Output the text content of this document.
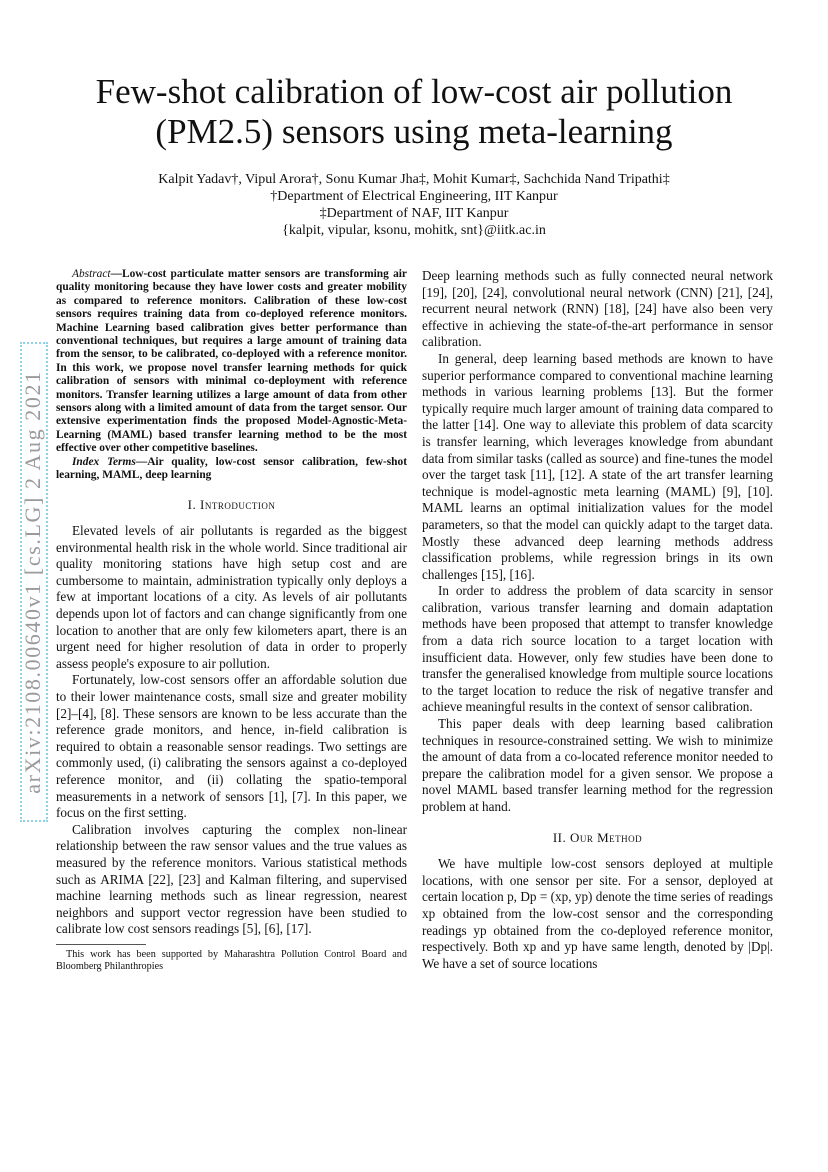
arXiv:2108.00640v1 [cs.LG] 2 Aug 2021
Few-shot calibration of low-cost air pollution
(PM2.5) sensors using meta-learning
Kalpit Yadav†, Vipul Arora†, Sonu Kumar Jha‡, Mohit Kumar‡, Sachchida Nand Tripathi‡
†Department of Electrical Engineering, IIT Kanpur
‡Department of NAF, IIT Kanpur
{kalpit, vipular, ksonu, mohitk, snt}@iitk.ac.in

Abstract—Low-cost particulate matter sensors are transforming air quality monitoring because they have lower costs and greater mobility as compared to reference monitors. Calibration of these low-cost sensors requires training data from co-deployed reference monitors. Machine Learning based calibration gives better performance than conventional techniques, but requires a large amount of training data from the sensor, to be calibrated, co-deployed with a reference monitor. In this work, we propose novel transfer learning methods for quick calibration of sensors with minimal co-deployment with reference monitors. Transfer learning utilizes a large amount of data from other sensors along with a limited amount of data from the target sensor. Our extensive experimentation finds the proposed Model-Agnostic-Meta-Learning (MAML) based transfer learning method to be the most effective over other competitive baselines.

Index Terms—Air quality, low-cost sensor calibration, few-shot learning, MAML, deep learning

I. Introduction

Elevated levels of air pollutants is regarded as the biggest environmental health risk in the whole world. Since traditional air quality monitoring stations have high setup cost and are cumbersome to maintain, administration typically only deploys a few at important locations of a city. As levels of air pollutants depends upon lot of factors and can change significantly from one location to another that are only few kilometers apart, there is an urgent need for higher resolution of data in order to properly assess people's exposure to air pollution.

Fortunately, low-cost sensors offer an affordable solution due to their lower maintenance costs, small size and greater mobility [2]–[4], [8]. These sensors are known to be less accurate than the reference grade monitors, and hence, in-field calibration is required to obtain a reasonable sensor readings. Two settings are commonly used, (i) calibrating the sensors against a co-deployed reference monitor, and (ii) collating the spatio-temporal measurements in a network of sensors [1], [7]. In this paper, we focus on the first setting.

Calibration involves capturing the complex non-linear relationship between the raw sensor values and the true values as measured by the reference monitors. Various statistical methods such as ARIMA [22], [23] and Kalman filtering, and supervised machine learning methods such as linear regression, nearest neighbors and support vector regression have been studied to calibrate low cost sensors readings [5], [6], [17].

This work has been supported by Maharashtra Pollution Control Board and Bloomberg Philanthropies

Deep learning methods such as fully connected neural network [19], [20], [24], convolutional neural network (CNN) [21], [24], recurrent neural network (RNN) [18], [24] have also been very effective in achieving the state-of-the-art performance in sensor calibration.

In general, deep learning based methods are known to have superior performance compared to conventional machine learning methods in various learning problems [13]. But the former typically require much larger amount of training data compared to the latter [14]. One way to alleviate this problem of data scarcity is transfer learning, which leverages knowledge from abundant data from similar tasks (called as source) and fine-tunes the model over the target task [11], [12]. A state of the art transfer learning technique is model-agnostic meta learning (MAML) [9], [10]. MAML learns an optimal initialization values for the model parameters, so that the model can quickly adapt to the target data. Mostly these advanced deep learning methods address classification problems, while regression brings in its own challenges [15], [16].

In order to address the problem of data scarcity in sensor calibration, various transfer learning and domain adaptation methods have been proposed that attempt to transfer knowledge from a data rich source location to a target location with insufficient data. However, only few studies have been done to transfer the generalised knowledge from multiple source locations to the target location to reduce the risk of negative transfer and achieve meaningful results in the context of sensor calibration.

This paper deals with deep learning based calibration techniques in resource-constrained setting. We wish to minimize the amount of data from a co-located reference monitor needed to prepare the calibration model for a given sensor. We propose a novel MAML based transfer learning method for the regression problem at hand.

II. Our Method

We have multiple low-cost sensors deployed at multiple locations, with one sensor per site. For a sensor, deployed at certain location p, Dp = (xp, yp) denote the time series of readings xp obtained from the low-cost sensor and the corresponding readings yp obtained from the co-deployed reference monitor, respectively. Both xp and yp have same length, denoted by |Dp|. We have a set of source locations
